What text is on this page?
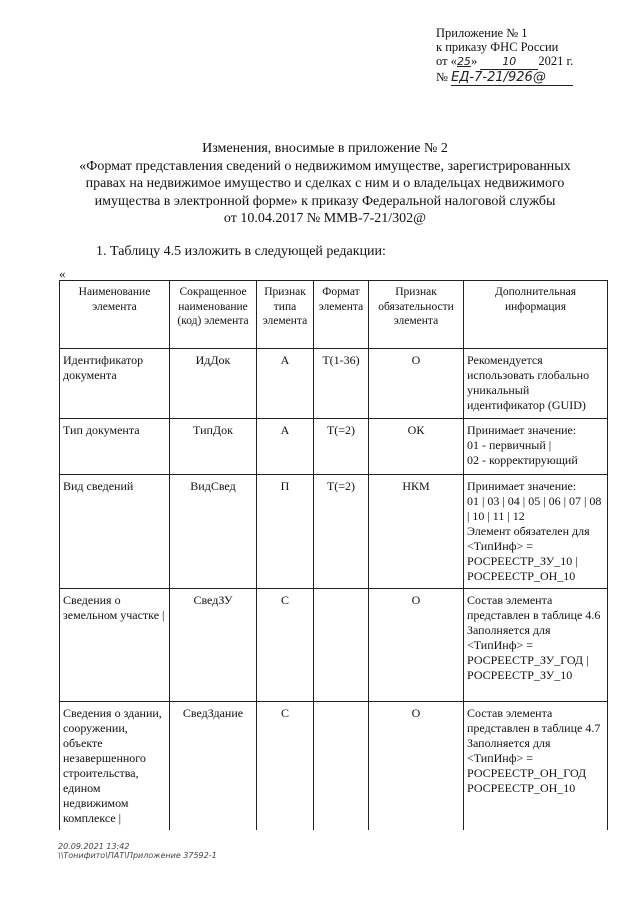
Приложение № 1
к приказу ФНС России
от «25» 10 2021 г.
№ ЕД-7-21/926@
Изменения, вносимые в приложение № 2
«Формат представления сведений о недвижимом имуществе, зарегистрированных
правах на недвижимое имущество и сделках с ним и о владельцах недвижимого
имущества в электронной форме» к приказу Федеральной налоговой службы
от 10.04.2017 № ММВ-7-21/302@
1. Таблицу 4.5 изложить в следующей редакции:
«
Наименование элемента	Сокращенное наименование (код) элемента	Признак типа элемента	Формат элемента	Признак обязательности элемента	Дополнительная информация
Идентификатор документа	ИдДок	А	Т(1-36)	О	Рекомендуется использовать глобально уникальный идентификатор (GUID)

Тип документа	ТипДок	А	Т(=2)	ОК	Принимает значение:
01 - первичный |
02 - корректирующий

Вид сведений	ВидСвед	П	Т(=2)	НКМ	Принимает значение:
01 | 03 | 04 | 05 | 06 | 07 | 08 | 10 | 11 | 12
Элемент обязателен для <ТипИнф> = РОСРЕЕСТР_ЗУ_10 | РОСРЕЕСТР_ОН_10

Сведения о земельном участке |	СведЗУ	С		О	Состав элемента представлен в таблице 4.6
Заполняется для <ТипИнф> = РОСРЕЕСТР_ЗУ_ГОД | РОСРЕЕСТР_ЗУ_10

Сведения о здании, сооружении, объекте незавершенного строительства, едином недвижимом комплексе |	СведЗдание	С		О	Состав элемента представлен в таблице 4.7
Заполняется для <ТипИнф> = РОСРЕЕСТР_ОН_ГОД РОСРЕЕСТР_ОН_10
20.09.2021 13:42
\\Тонифито\ПАТ\Приложение 37592-1
